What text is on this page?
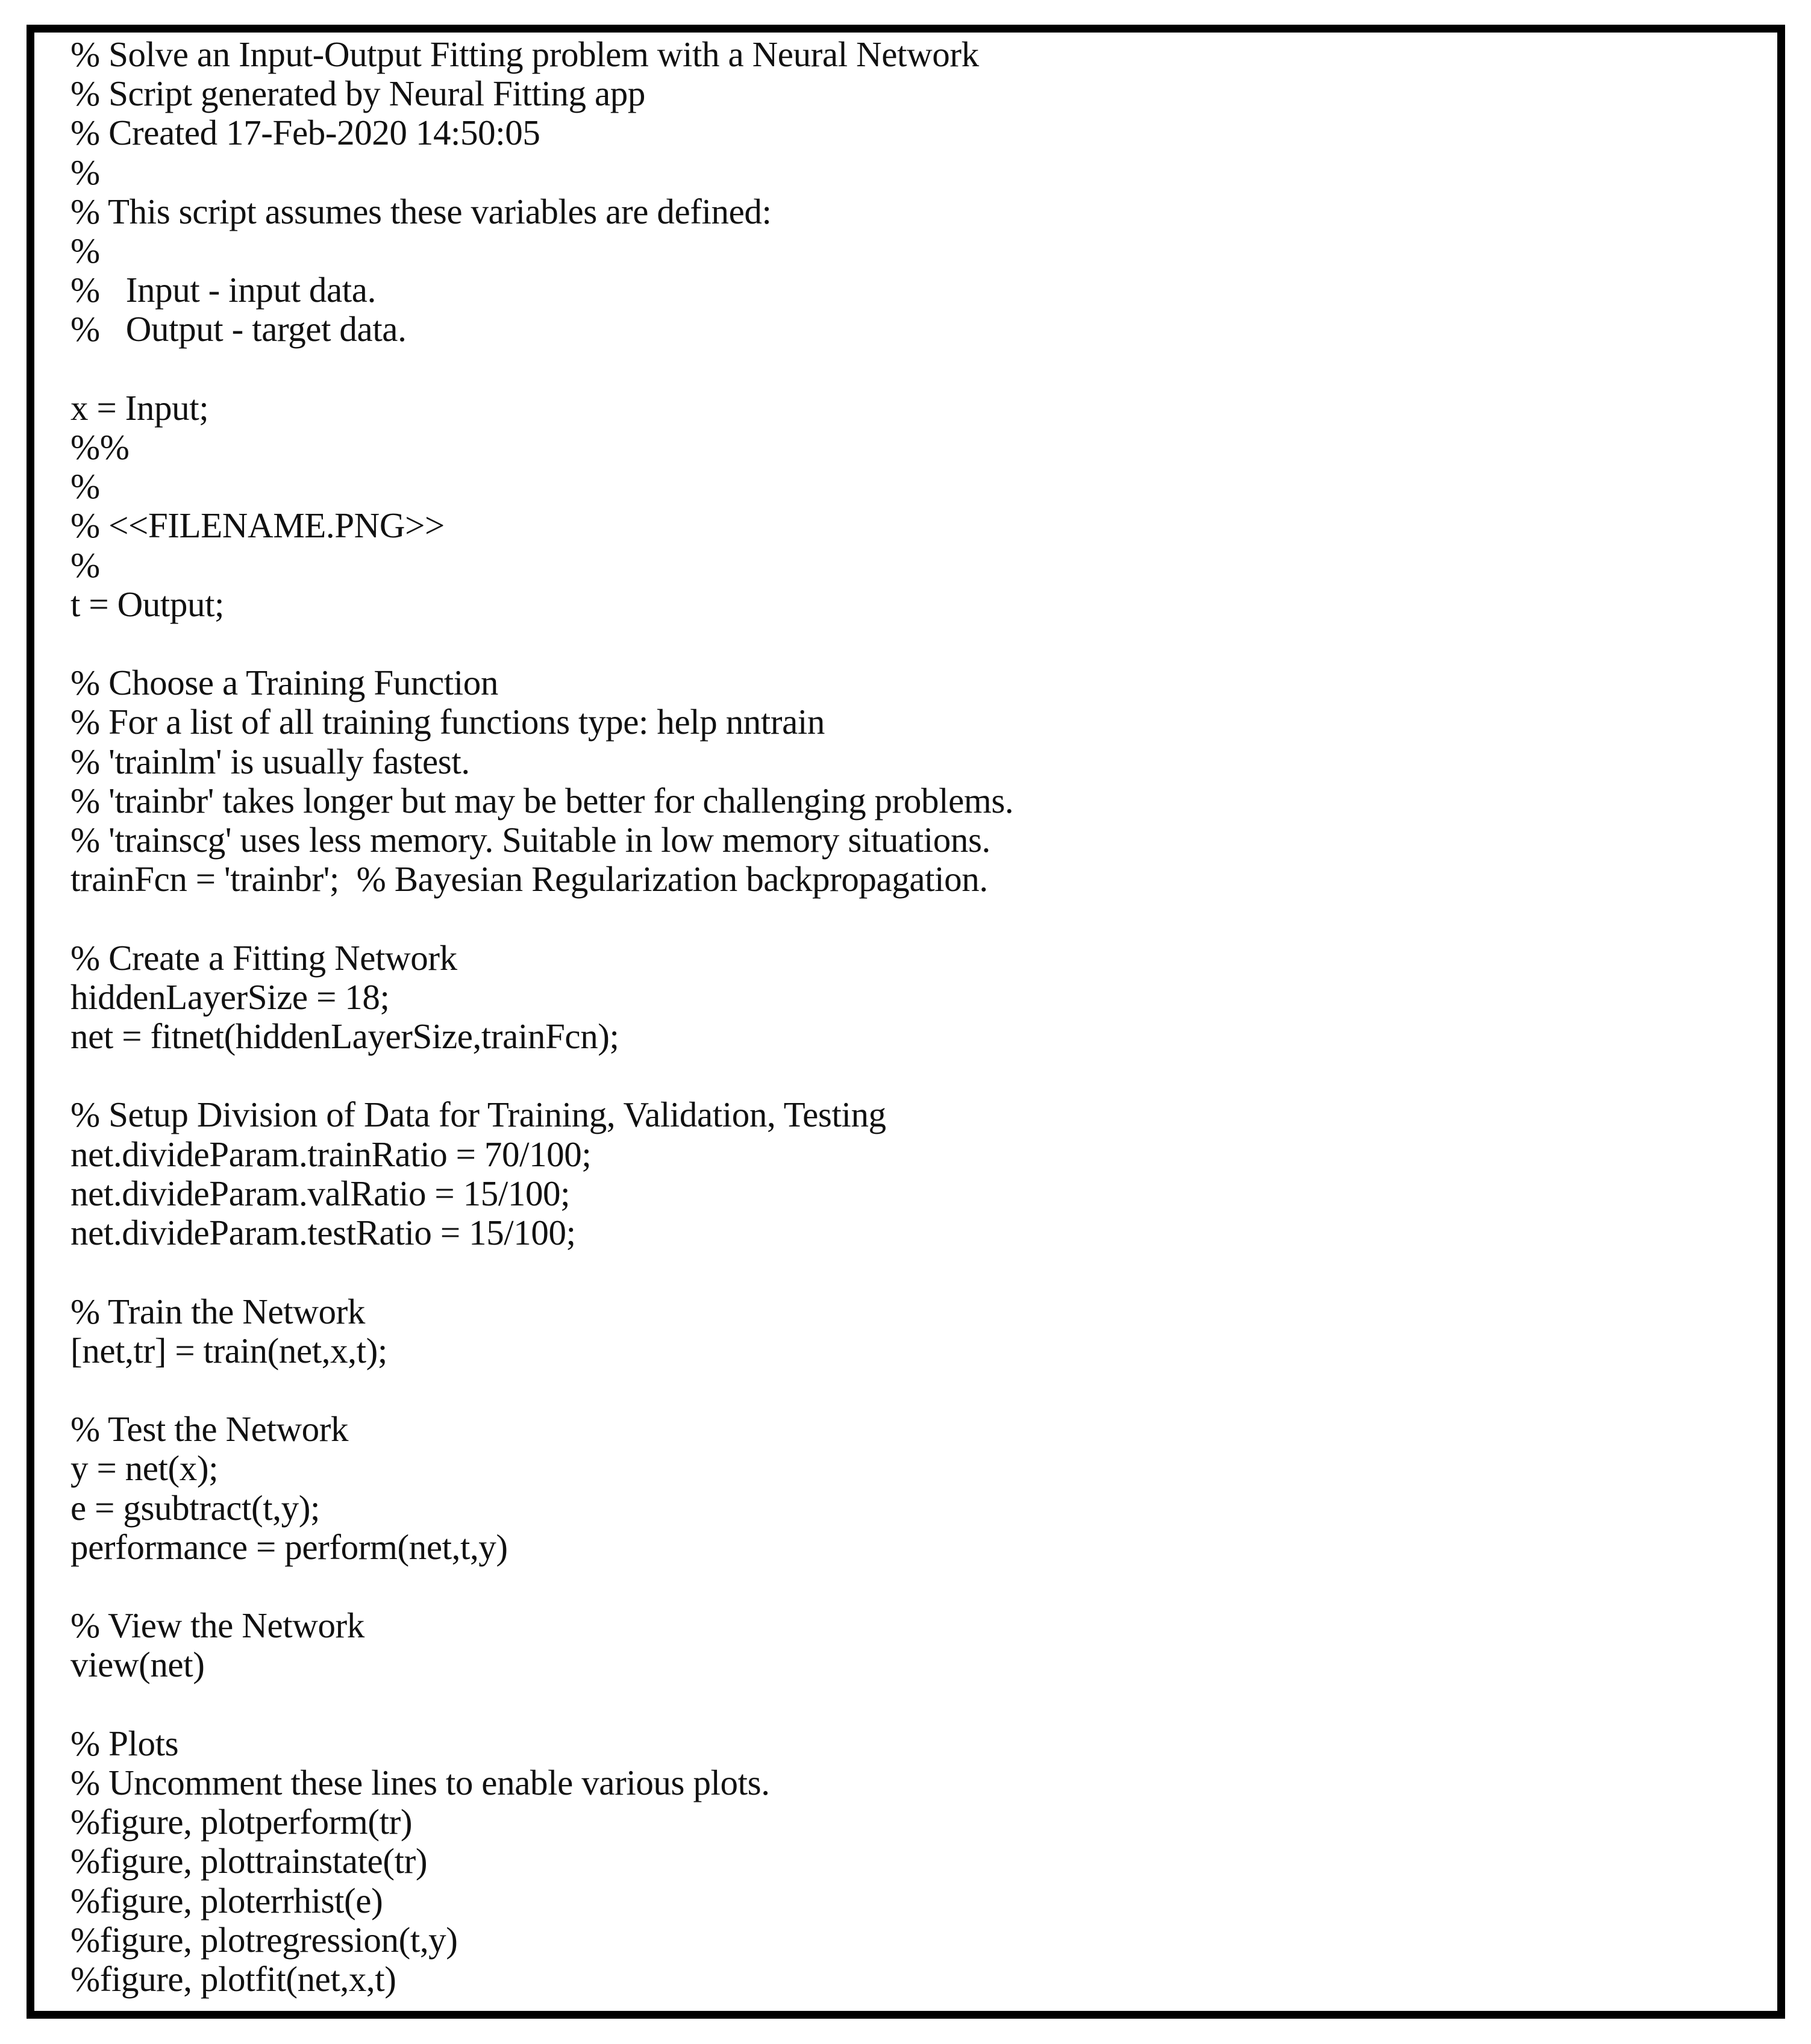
% Solve an Input-Output Fitting problem with a Neural Network
% Script generated by Neural Fitting app
% Created 17-Feb-2020 14:50:05
%
% This script assumes these variables are defined:
%
%   Input - input data.
%   Output - target data.

x = Input;
%%
%
% <<FILENAME.PNG>>
%
t = Output;

% Choose a Training Function
% For a list of all training functions type: help nntrain
% 'trainlm' is usually fastest.
% 'trainbr' takes longer but may be better for challenging problems.
% 'trainscg' uses less memory. Suitable in low memory situations.
trainFcn = 'trainbr';  % Bayesian Regularization backpropagation.

% Create a Fitting Network
hiddenLayerSize = 18;
net = fitnet(hiddenLayerSize,trainFcn);

% Setup Division of Data for Training, Validation, Testing
net.divideParam.trainRatio = 70/100;
net.divideParam.valRatio = 15/100;
net.divideParam.testRatio = 15/100;

% Train the Network
[net,tr] = train(net,x,t);

% Test the Network
y = net(x);
e = gsubtract(t,y);
performance = perform(net,t,y)

% View the Network
view(net)

% Plots
% Uncomment these lines to enable various plots.
%figure, plotperform(tr)
%figure, plottrainstate(tr)
%figure, ploterrhist(e)
%figure, plotregression(t,y)
%figure, plotfit(net,x,t)
